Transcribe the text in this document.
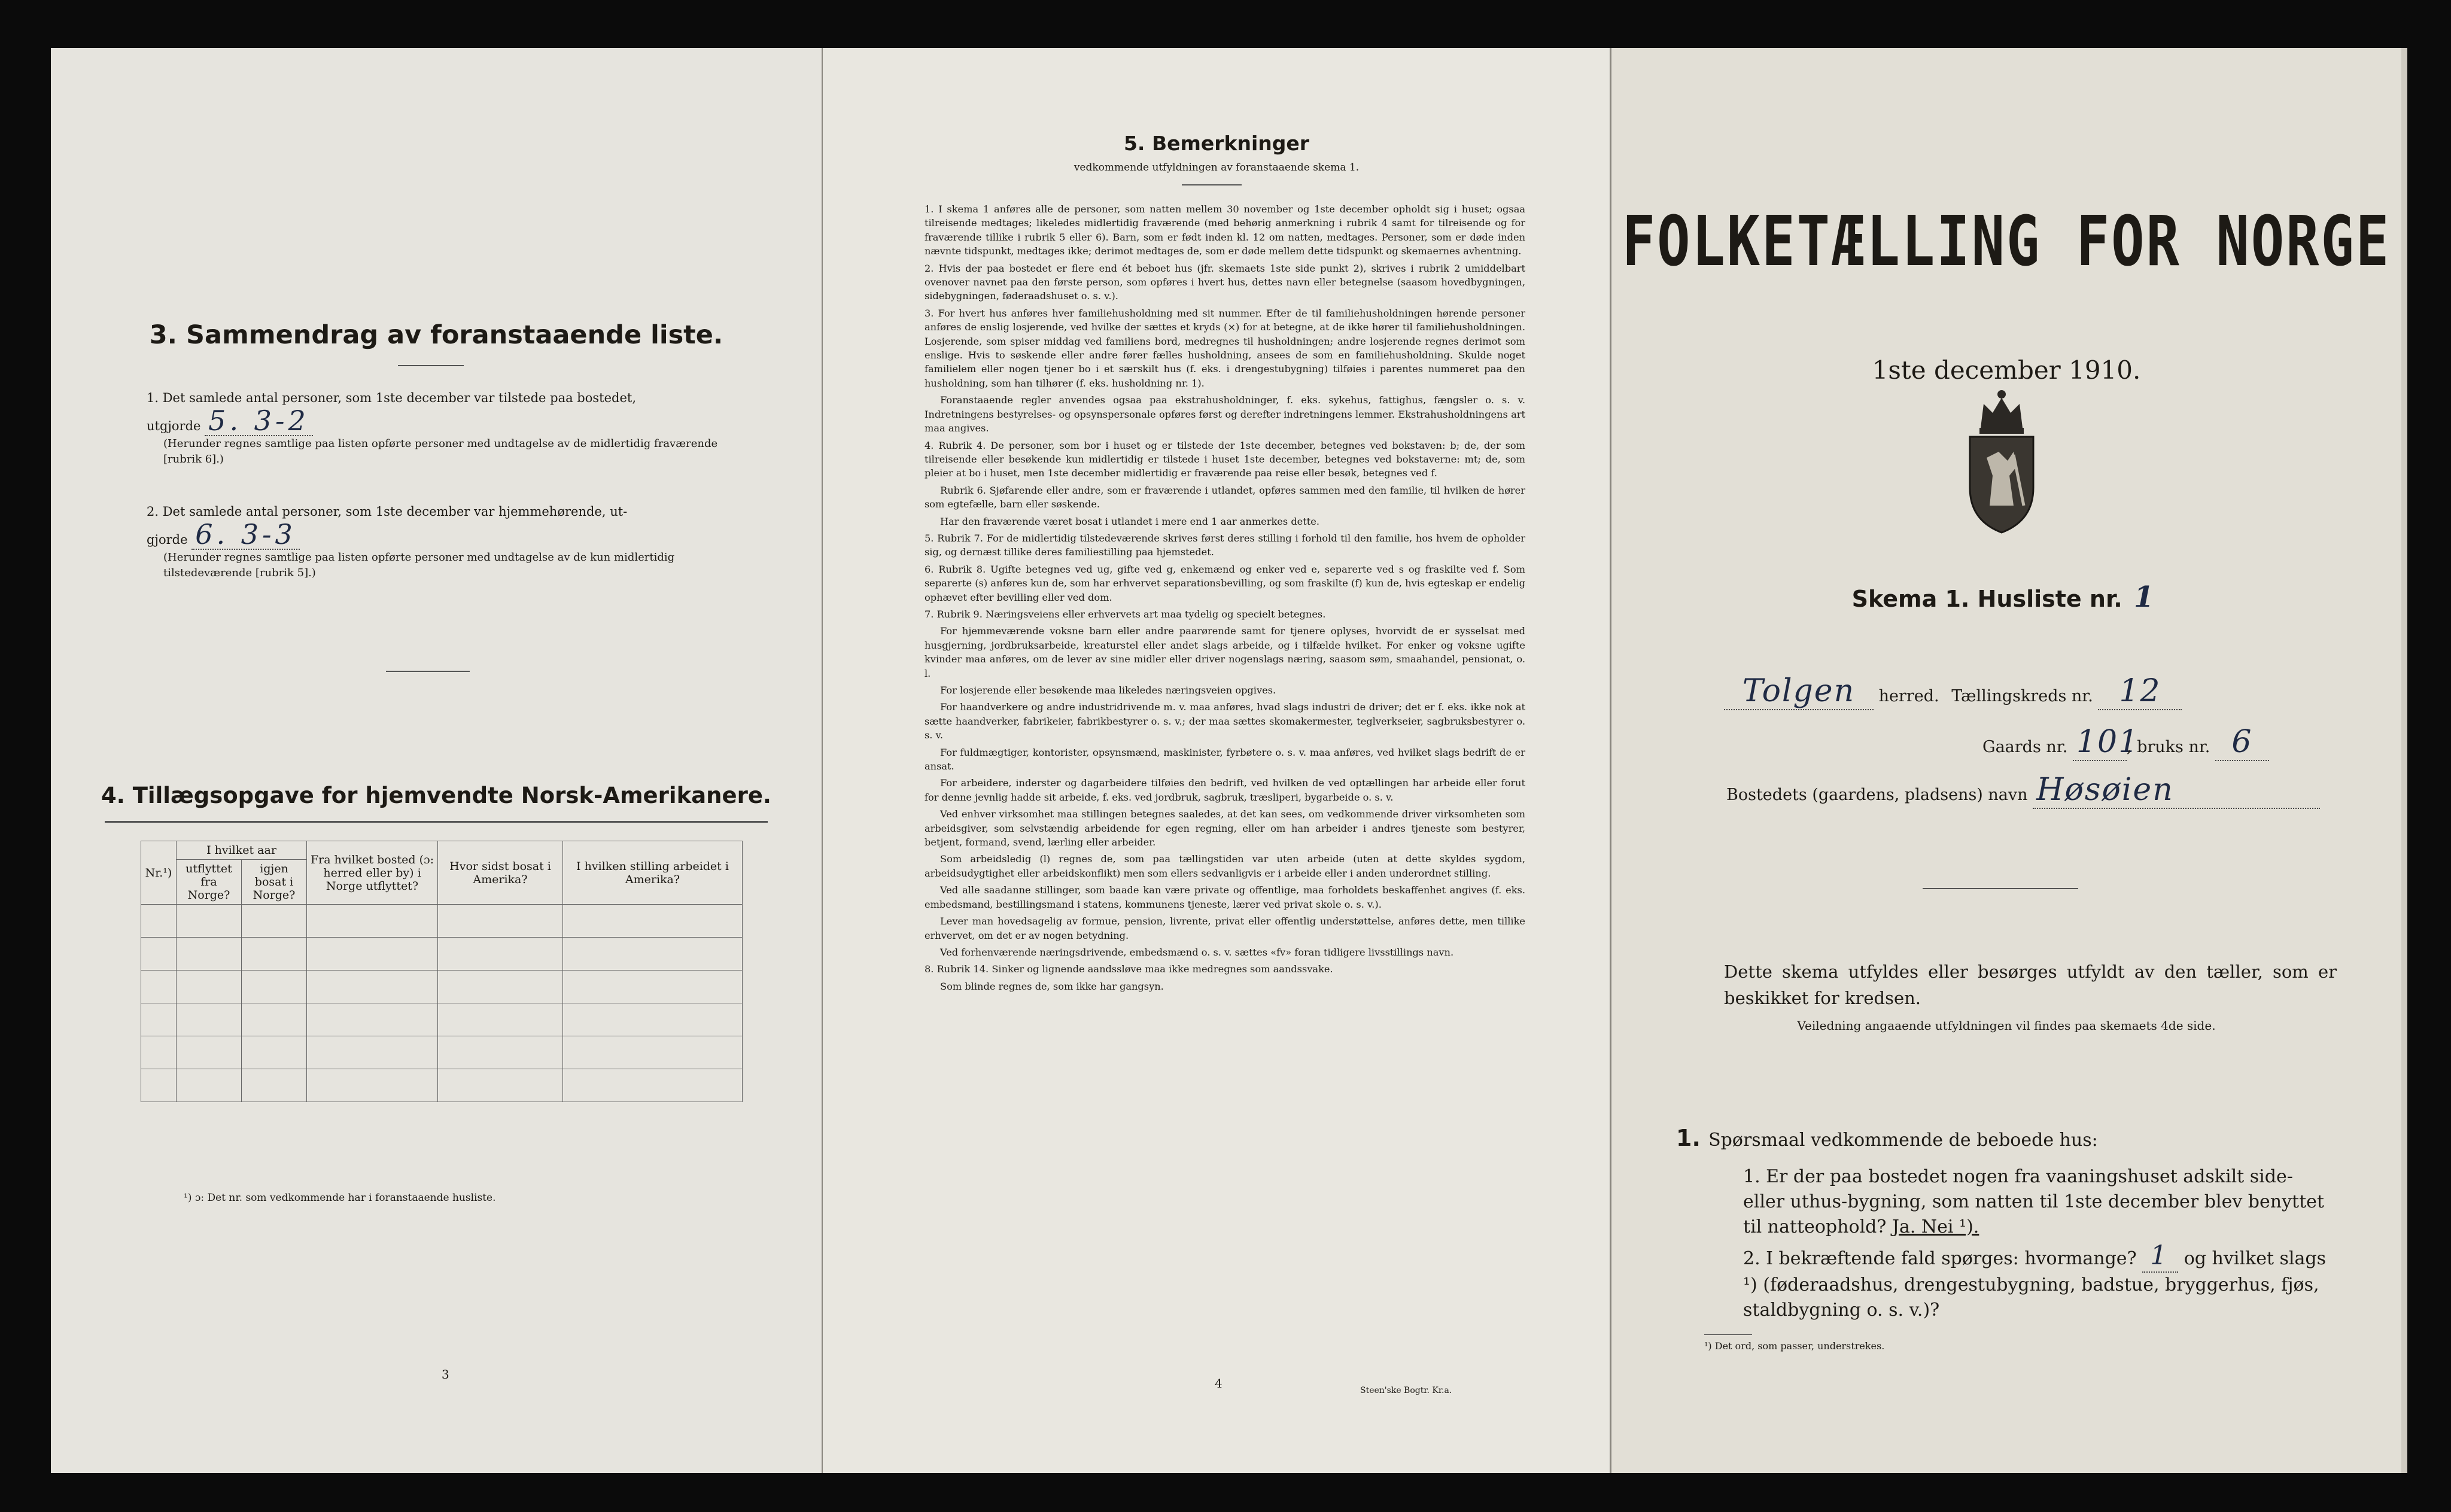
3. Sammendrag av foranstaaende liste.
1. Det samlede antal personer, som 1ste december var tilstede paa bostedet,
utgjorde 5. 3-2
(Herunder regnes samtlige paa listen opførte personer med undtagelse av de midlertidig fraværende [rubrik 6].)
2. Det samlede antal personer, som 1ste december var hjemmehørende, ut-
gjorde 6. 3-3
(Herunder regnes samtlige paa listen opførte personer med undtagelse av de kun midlertidig tilstedeværende [rubrik 5].)
4. Tillægsopgave for hjemvendte Norsk-Amerikanere.
Nr.¹)	I hvilket aar		Fra hvilket bosted (ɔ: herred eller by) i Norge utflyttet?	Hvor sidst bosat i Amerika?	I hvilken stilling arbeidet i Amerika?
	utflyttet fra Norge?	igjen bosat i Norge?			

¹) ɔ: Det nr. som vedkommende har i foranstaaende husliste.
3
5. Bemerkninger
vedkommende utfyldningen av foranstaaende skema 1.

1. I skema 1 anføres alle de personer, som natten mellem 30 november og 1ste december opholdt sig i huset; ogsaa tilreisende medtages; likeledes midlertidig fraværende (med behørig anmerkning i rubrik 4 samt for tilreisende og for fraværende tillike i rubrik 5 eller 6). Barn, som er født inden kl. 12 om natten, medtages. Personer, som er døde inden nævnte tidspunkt, medtages ikke; derimot medtages de, som er døde mellem dette tidspunkt og skemaernes avhentning.

2. Hvis der paa bostedet er flere end ét beboet hus (jfr. skemaets 1ste side punkt 2), skrives i rubrik 2 umiddelbart ovenover navnet paa den første person, som opføres i hvert hus, dettes navn eller betegnelse (saasom hovedbygningen, sidebygningen, føderaadshuset o. s. v.).

3. For hvert hus anføres hver familiehusholdning med sit nummer. Efter de til familiehusholdningen hørende personer anføres de enslig losjerende, ved hvilke der sættes et kryds (×) for at betegne, at de ikke hører til familiehusholdningen. Losjerende, som spiser middag ved familiens bord, medregnes til husholdningen; andre losjerende regnes derimot som enslige. Hvis to søskende eller andre fører fælles husholdning, ansees de som en familiehusholdning. Skulde noget familielem eller nogen tjener bo i et særskilt hus (f. eks. i drengestubygning) tilføies i parentes nummeret paa den husholdning, som han tilhører (f. eks. husholdning nr. 1).

Foranstaaende regler anvendes ogsaa paa ekstrahusholdninger, f. eks. sykehus, fattighus, fængsler o. s. v. Indretningens bestyrelses- og opsynspersonale opføres først og derefter indretningens lemmer. Ekstrahusholdningens art maa angives.

4. Rubrik 4. De personer, som bor i huset og er tilstede der 1ste december, betegnes ved bokstaven: b; de, der som tilreisende eller besøkende kun midlertidig er tilstede i huset 1ste december, betegnes ved bokstaverne: mt; de, som pleier at bo i huset, men 1ste december midlertidig er fraværende paa reise eller besøk, betegnes ved f.

Rubrik 6. Sjøfarende eller andre, som er fraværende i utlandet, opføres sammen med den familie, til hvilken de hører som egtefælle, barn eller søskende.

Har den fraværende været bosat i utlandet i mere end 1 aar anmerkes dette.

5. Rubrik 7. For de midlertidig tilstedeværende skrives først deres stilling i forhold til den familie, hos hvem de opholder sig, og dernæst tillike deres familiestilling paa hjemstedet.

6. Rubrik 8. Ugifte betegnes ved ug, gifte ved g, enkemænd og enker ved e, separerte ved s og fraskilte ved f. Som separerte (s) anføres kun de, som har erhvervet separationsbevilling, og som fraskilte (f) kun de, hvis egteskap er endelig ophævet efter bevilling eller ved dom.

7. Rubrik 9. Næringsveiens eller erhvervets art maa tydelig og specielt betegnes.

For hjemmeværende voksne barn eller andre paarørende samt for tjenere oplyses, hvorvidt de er sysselsat med husgjerning, jordbruksarbeide, kreaturstel eller andet slags arbeide, og i tilfælde hvilket. For enker og voksne ugifte kvinder maa anføres, om de lever av sine midler eller driver nogenslags næring, saasom søm, smaahandel, pensionat, o. l.

For losjerende eller besøkende maa likeledes næringsveien opgives.

For haandverkere og andre industridrivende m. v. maa anføres, hvad slags industri de driver; det er f. eks. ikke nok at sætte haandverker, fabrikeier, fabrikbestyrer o. s. v.; der maa sættes skomakermester, teglverkseier, sagbruksbestyrer o. s. v.

For fuldmægtiger, kontorister, opsynsmænd, maskinister, fyrbøtere o. s. v. maa anføres, ved hvilket slags bedrift de er ansat.

For arbeidere, inderster og dagarbeidere tilføies den bedrift, ved hvilken de ved optællingen har arbeide eller forut for denne jevnlig hadde sit arbeide, f. eks. ved jordbruk, sagbruk, træsliperi, bygarbeide o. s. v.

Ved enhver virksomhet maa stillingen betegnes saaledes, at det kan sees, om vedkommende driver virksomheten som arbeidsgiver, som selvstændig arbeidende for egen regning, eller om han arbeider i andres tjeneste som bestyrer, betjent, formand, svend, lærling eller arbeider.

Som arbeidsledig (l) regnes de, som paa tællingstiden var uten arbeide (uten at dette skyldes sygdom, arbeidsudygtighet eller arbeidskonflikt) men som ellers sedvanligvis er i arbeide eller i anden underordnet stilling.

Ved alle saadanne stillinger, som baade kan være private og offentlige, maa forholdets beskaffenhet angives (f. eks. embedsmand, bestillingsmand i statens, kommunens tjeneste, lærer ved privat skole o. s. v.).

Lever man hovedsagelig av formue, pension, livrente, privat eller offentlig understøttelse, anføres dette, men tillike erhvervet, om det er av nogen betydning.

Ved forhenværende næringsdrivende, embedsmænd o. s. v. sættes «fv» foran tidligere livsstillings navn.

8. Rubrik 14. Sinker og lignende aandssløve maa ikke medregnes som aandssvake.

Som blinde regnes de, som ikke har gangsyn.

4	Steen'ske Bogtr. Kr.a.
FOLKETÆLLING FOR NORGE
1ste december 1910.
Skema 1. Husliste nr. 1
Tolgen herred. Tællingskreds nr. 12
Gaards nr. 101, bruks nr. 6
Bostedets (gaardens, pladsens) navn Høsøien
Dette skema utfyldes eller besørges utfyldt av den tæller, som er beskikket for kredsen.
Veiledning angaaende utfyldningen vil findes paa skemaets 4de side.
1. Spørsmaal vedkommende de beboede hus:
1. Er der paa bostedet nogen fra vaaningshuset adskilt side- eller uthus-bygning, som natten til 1ste december blev benyttet til natteophold? Ja. Nei ¹).
2. I bekræftende fald spørges: hvormange? 1 og hvilket slags ¹) (føderaadshus, drengestubygning, badstue, bryggerhus, fjøs, staldbygning o. s. v.)?
¹) Det ord, som passer, understrekes.
